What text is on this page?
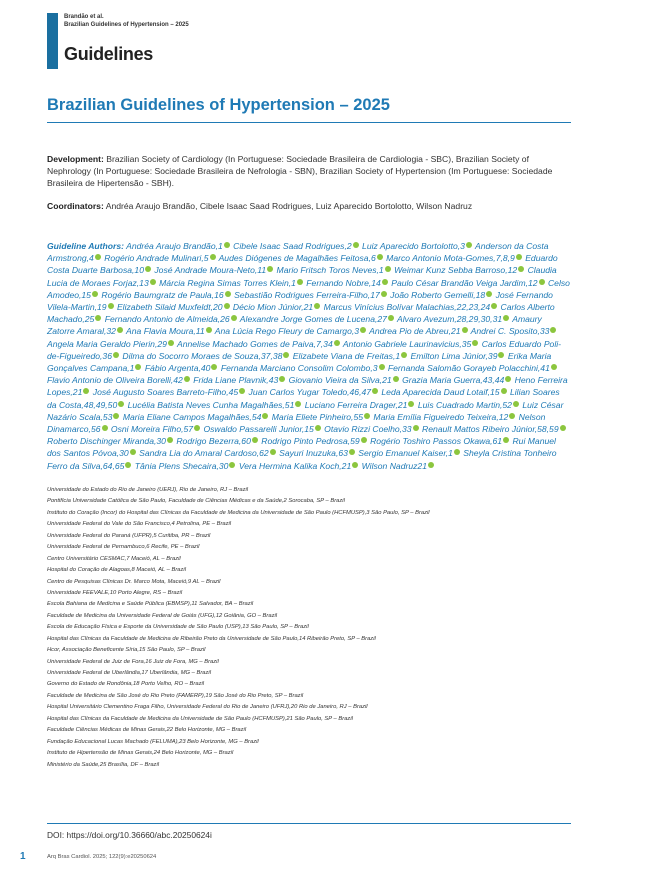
Brandão et al.
Brazilian Guidelines of Hypertension – 2025
Guidelines
Brazilian Guidelines of Hypertension – 2025
Development: Brazilian Society of Cardiology (In Portuguese: Sociedade Brasileira de Cardiologia - SBC), Brazilian Society of Nephrology (In Portuguese: Sociedade Brasileira de Nefrologia - SBN), Brazilian Society of Hypertension (Im Portuguese: Sociedade Brasileira de Hipertensão - SBH).
Coordinators: Andréa Araujo Brandão, Cibele Isaac Saad Rodrigues, Luiz Aparecido Bortolotto, Wilson Nadruz
Guideline Authors: Andréa Araujo Brandão,1 Cibele Isaac Saad Rodrigues,2 Luiz Aparecido Bortolotto,3 Anderson da Costa Armstrong,4 Rogério Andrade Mulinari,5 Audes Diógenes de Magalhães Feitosa,6 Marco Antonio Mota-Gomes,7,8,9 Eduardo Costa Duarte Barbosa,10 José Andrade Moura-Neto,11 Mario Fritsch Toros Neves,1 Weimar Kunz Sebba Barroso,12 Claudia Lucia de Moraes Forjaz,13 Márcia Regina Simas Torres Klein,1 Fernando Nobre,14 Paulo César Brandão Veiga Jardim,12 Celso Amodeo,15 Rogério Baumgratz de Paula,16 Sebastião Rodrigues Ferreira-Filho,17 João Roberto Gemelli,18 José Fernando Vilela-Martin,19 Elizabeth Silaid Muxfeldt,20 Décio Mion Júnior,21 Marcus Vinícius Bolívar Malachias,22,23,24 Carlos Alberto Machado,25 Fernando Antonio de Almeida,26 Alexandre Jorge Gomes de Lucena,27 Alvaro Avezum,28,29,30,31 Amaury Zatorre Amaral,32 Ana Flavia Moura,11 Ana Lúcia Rego Fleury de Camargo,3 Andrea Pio de Abreu,21 Andrei C. Sposito,33 Angela Maria Geraldo Pierin,29 Annelise Machado Gomes de Paiva,7,34 Antonio Gabriele Laurinavicius,35 Carlos Eduardo Poli-de-Figueiredo,36 Dilma do Socorro Moraes de Souza,37,38 Elizabete Viana de Freitas,1 Emilton Lima Júnior,39 Erika Maria Gonçalves Campana,1 Fábio Argenta,40 Fernanda Marciano Consolim Colombo,3 Fernanda Salomão Gorayeb Polacchini,41 Flavio Antonio de Oliveira Borelli,42 Frida Liane Plavnik,43 Giovanio Vieira da Silva,21 Grazia Maria Guerra,43,44 Heno Ferreira Lopes,21 José Augusto Soares Barreto-Filho,45 Juan Carlos Yugar Toledo,46,47 Leda Aparecida Daud Lotaif,15 Lilian Soares da Costa,48,49,50 Lucélia Batista Neves Cunha Magalhães,51 Luciano Ferreira Drager,21 Luis Cuadrado Martin,52 Luiz César Nazário Scala,53 Maria Eliane Campos Magalhães,54 Maria Eliete Pinheiro,55 Maria Emília Figueiredo Teixeira,12 Nelson Dinamarco,56 Osni Moreira Filho,57 Oswaldo Passarelli Junior,15 Otavio Rizzi Coelho,33 Renault Mattos Ribeiro Júnior,58,59 Roberto Dischinger Miranda,30 Rodrigo Bezerra,60 Rodrigo Pinto Pedrosa,59 Rogério Toshiro Passos Okawa,61 Rui Manuel dos Santos Póvoa,30 Sandra Lia do Amaral Cardoso,62 Sayuri Inuzuka,63 Sergio Emanuel Kaiser,1 Sheyla Cristina Tonheiro Ferro da Silva,64,65 Tânia Plens Shecaira,30 Vera Hermina Kalika Koch,21 Wilson Nadruz21
Universidade do Estado do Rio de Janeiro (UERJ), Rio de Janeiro, RJ – Brazil
Pontifícia Universidade Católica de São Paulo, Faculdade de Ciências Médicas e da Saúde,2 Sorocaba, SP – Brazil
Instituto do Coração (Incor) do Hospital das Clínicas da Faculdade de Medicina da Universidade de São Paulo (HCFMUSP),3 São Paulo, SP – Brazil
Universidade Federal do Vale do São Francisco,4 Petrolina, PE – Brazil
Universidade Federal do Paraná (UFPR),5 Curitiba, PR – Brazil
Universidade Federal de Pernambuco,6 Recife, PE – Brazil
Centro Universitário CESMAC,7 Maceió, AL – Brazil
Hospital do Coração de Alagoas,8 Maceió, AL – Brazil
Centro de Pesquisas Clínicas Dr. Marco Mota, Maceió,9 AL – Brazil
Universidade FEEVALE,10 Porto Alegre, RS – Brazil
Escola Bahiana de Medicina e Saúde Pública (EBMSP),11 Salvador, BA – Brazil
Faculdade de Medicina da Universidade Federal de Goiás (UFG),12 Goiânia, GO – Brazil
Escola de Educação Física e Esporte da Universidade de São Paulo (USP),13 São Paulo, SP – Brazil
Hospital das Clínicas da Faculdade de Medicina de Ribeirão Preto da Universidade de São Paulo,14 Ribeirão Preto, SP – Brazil
Hcor, Associação Beneficente Síria,15 São Paulo, SP – Brazil
Universidade Federal de Juiz de Fora,16 Juiz de Fora, MG – Brazil
Universidade Federal de Uberlândia,17 Uberlândia, MG – Brazil
Governo do Estado de Rondônia,18 Porto Velho, RO – Brazil
Faculdade de Medicina de São José do Rio Preto (FAMERP),19 São José do Rio Preto, SP – Brazil
Hospital Universitário Clementino Fraga Filho, Universidade Federal do Rio de Janeiro (UFRJ),20 Rio de Janeiro, RJ – Brazil
Hospital das Clínicas da Faculdade de Medicina da Universidade de São Paulo (HCFMUSP),21 São Paulo, SP – Brazil
Faculdade Ciências Médicas de Minas Gerais,22 Belo Horizonte, MG – Brazil
Fundação Educacional Lucas Machado (FELUMA),23 Belo Horizonte, MG – Brazil
Instituto de Hipertensão de Minas Gerais,24 Belo Horizonte, MG – Brazil
Ministério da Saúde,25 Brasília, DF – Brazil
DOI: https://doi.org/10.36660/abc.20250624i
1	Arq Bras Cardiol. 2025; 122(9):e20250624
